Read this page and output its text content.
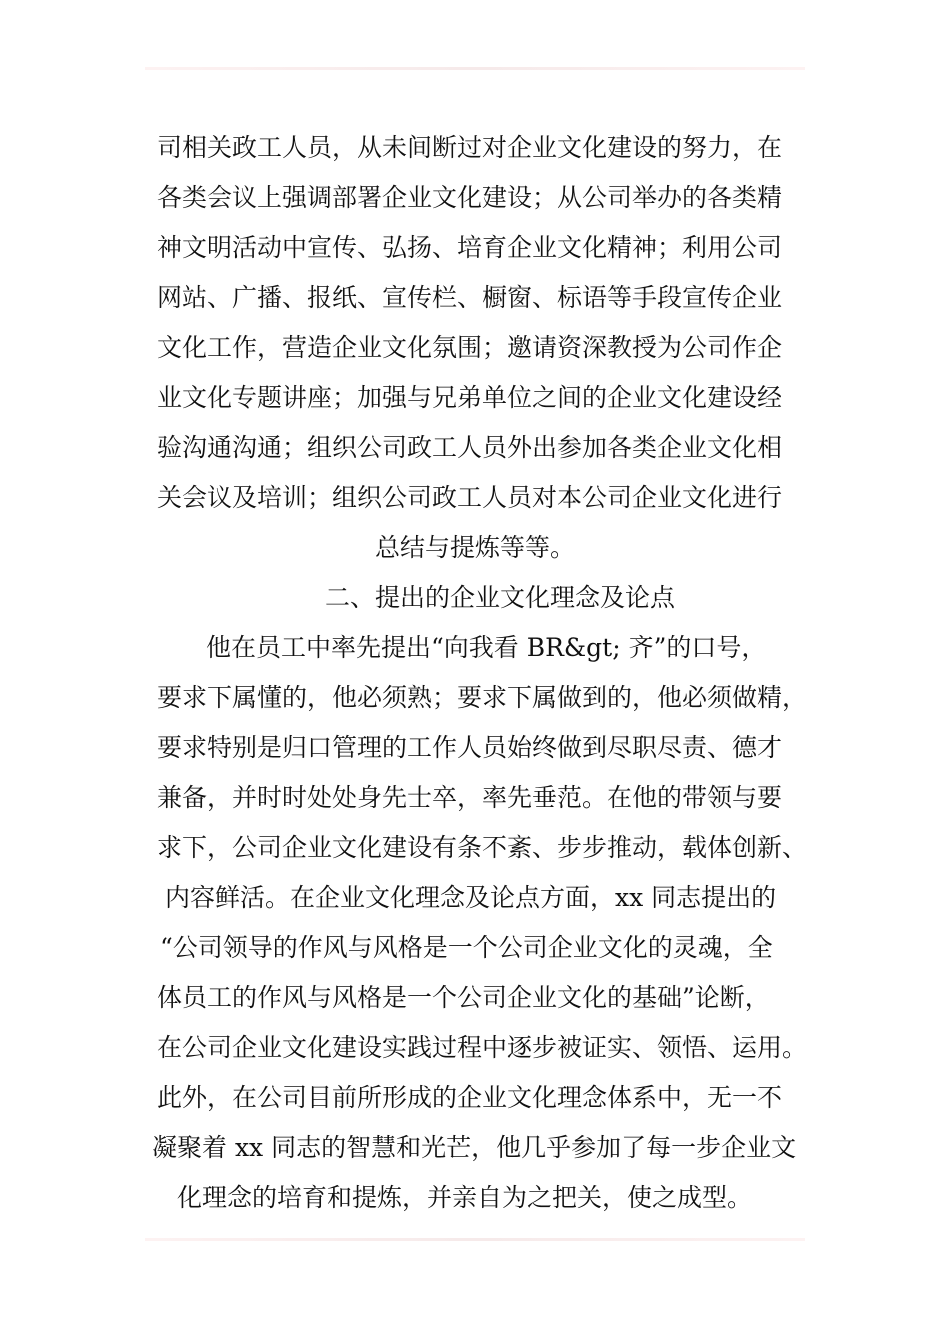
司相关政工人员，从未间断过对企业文化建设的努力，在
各类会议上强调部署企业文化建设；从公司举办的各类精
神文明活动中宣传、弘扬、培育企业文化精神；利用公司
网站、广播、报纸、宣传栏、橱窗、标语等手段宣传企业
文化工作，营造企业文化氛围；邀请资深教授为公司作企
业文化专题讲座；加强与兄弟单位之间的企业文化建设经
验沟通沟通；组织公司政工人员外出参加各类企业文化相
关会议及培训；组织公司政工人员对本公司企业文化进行
总结与提炼等等。
二、提出的企业文化理念及论点
他在员工中率先提出“向我看 BR&gt; 齐”的口号，
要求下属懂的，他必须熟；要求下属做到的，他必须做精，
要求特别是归口管理的工作人员始终做到尽职尽责、德才
兼备，并时时处处身先士卒，率先垂范。在他的带领与要
求下，公司企业文化建设有条不紊、步步推动，载体创新、
内容鲜活。在企业文化理念及论点方面，xx 同志提出的
“公司领导的作风与风格是一个公司企业文化的灵魂，全
体员工的作风与风格是一个公司企业文化的基础”论断，
在公司企业文化建设实践过程中逐步被证实、领悟、运用。
此外，在公司目前所形成的企业文化理念体系中，无一不
凝聚着 xx 同志的智慧和光芒，他几乎参加了每一步企业文
化理念的培育和提炼，并亲自为之把关，使之成型。
